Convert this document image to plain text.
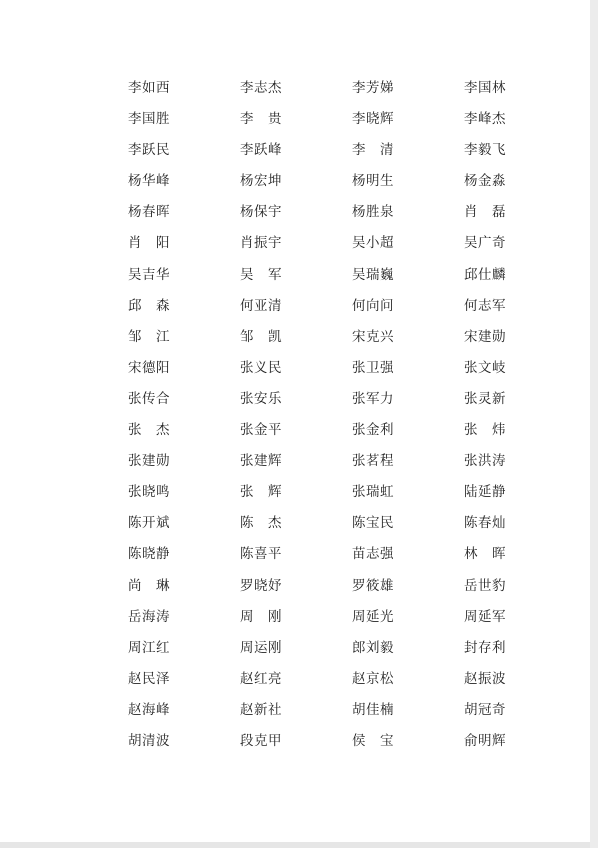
李如西	李志杰	李芳娣	李国林
李国胜	李　贵	李晓辉	李峰杰
李跃民	李跃峰	李　清	李毅飞
杨华峰	杨宏坤	杨明生	杨金淼
杨春晖	杨保宇	杨胜泉	肖　磊
肖　阳	肖振宇	吴小超	吴广奇
吴吉华	吴　军	吴瑞巍	邱仕麟
邱　森	何亚清	何向问	何志军
邹　江	邹　凯	宋克兴	宋建勋
宋德阳	张义民	张卫强	张文岐
张传合	张安乐	张军力	张灵新
张　杰	张金平	张金利	张　炜
张建勋	张建辉	张茗程	张洪涛
张晓鸣	张　辉	张瑞虹	陆延静
陈开斌	陈　杰	陈宝民	陈春灿
陈晓静	陈喜平	苗志强	林　晖
尚　琳	罗晓妤	罗筱雄	岳世豹
岳海涛	周　刚	周延光	周延军
周江红	周运刚	郎刘毅	封存利
赵民泽	赵红亮	赵京松	赵振波
赵海峰	赵新社	胡佳楠	胡冠奇
胡清波	段克甲	侯　宝	俞明辉
